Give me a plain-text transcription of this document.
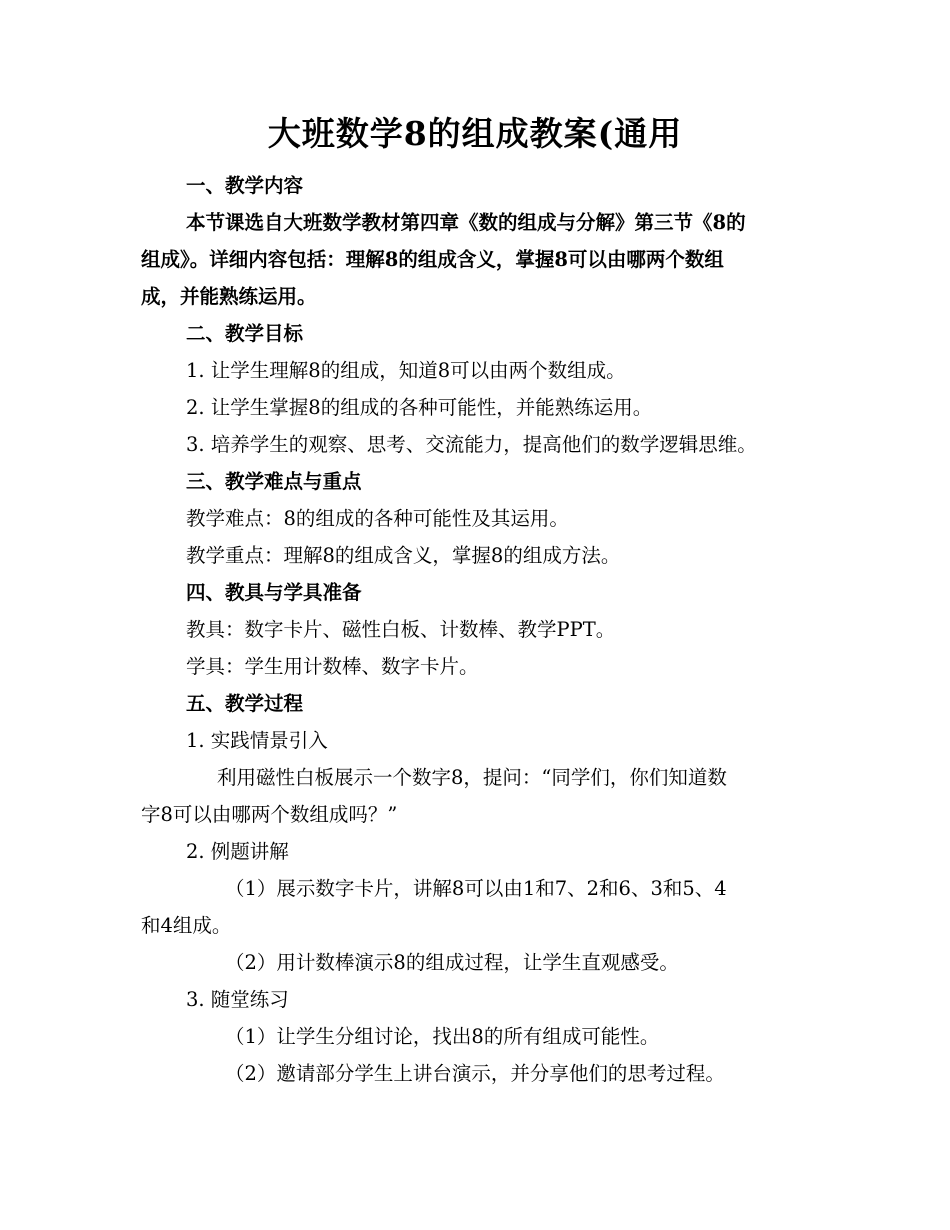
大班数学8的组成教案(通用

一、教学内容

本节课选自大班数学教材第四章《数的组成与分解》第三节《8的

组成》。详细内容包括：理解8的组成含义，掌握8可以由哪两个数组

成，并能熟练运用。

二、教学目标

1. 让学生理解8的组成，知道8可以由两个数组成。

2. 让学生掌握8的组成的各种可能性，并能熟练运用。

3. 培养学生的观察、思考、交流能力，提高他们的数学逻辑思维。

三、教学难点与重点

教学难点：8的组成的各种可能性及其运用。

教学重点：理解8的组成含义，掌握8的组成方法。

四、教具与学具准备

教具：数字卡片、磁性白板、计数棒、教学PPT。

学具：学生用计数棒、数字卡片。

五、教学过程

1. 实践情景引入

利用磁性白板展示一个数字8，提问：“同学们，你们知道数

字8可以由哪两个数组成吗？”

2. 例题讲解

（1）展示数字卡片，讲解8可以由1和7、2和6、3和5、4

和4组成。

（2）用计数棒演示8的组成过程，让学生直观感受。

3. 随堂练习

（1）让学生分组讨论，找出8的所有组成可能性。

（2）邀请部分学生上讲台演示，并分享他们的思考过程。
